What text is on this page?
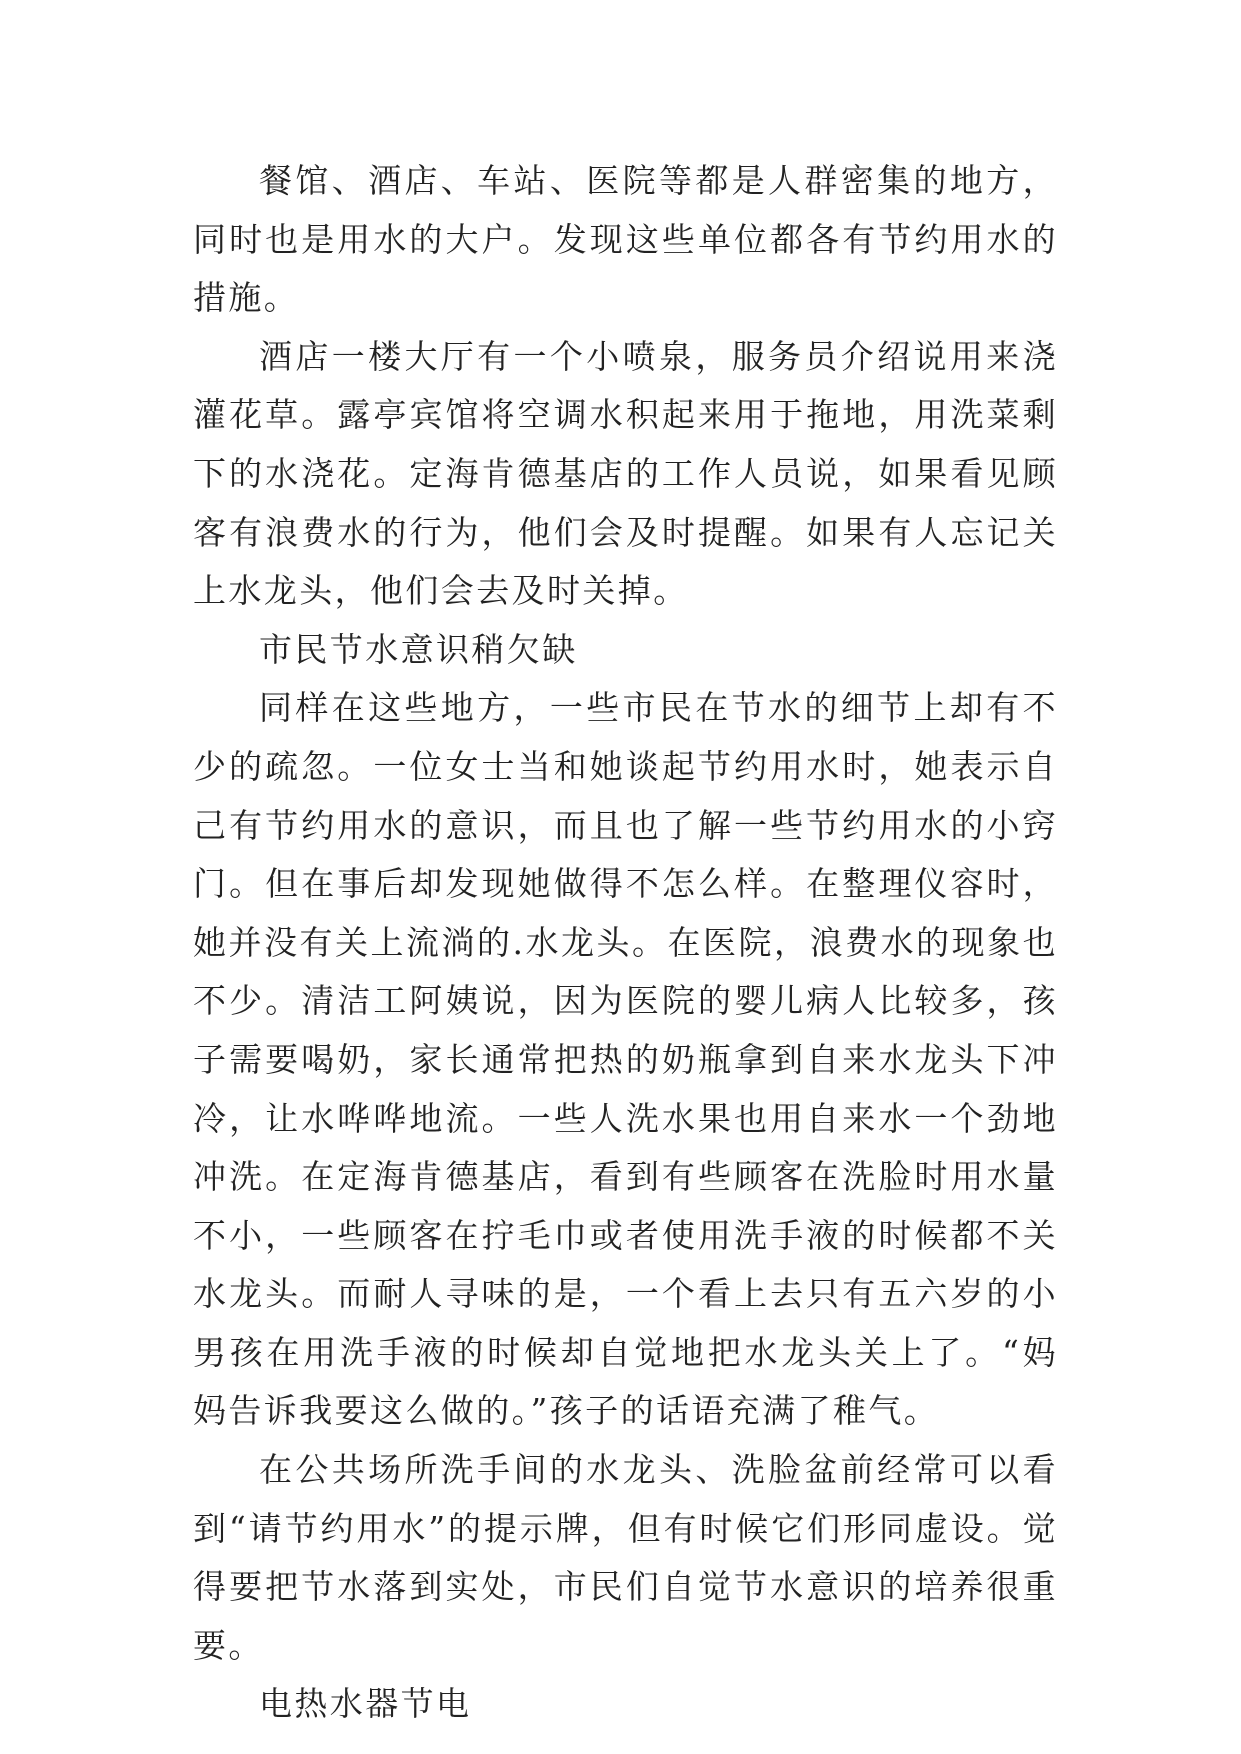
餐馆、酒店、车站、医院等都是人群密集的地方，同时也是用水的大户。发现这些单位都各有节约用水的措施。

酒店一楼大厅有一个小喷泉，服务员介绍说用来浇灌花草。露亭宾馆将空调水积起来用于拖地，用洗菜剩下的水浇花。定海肯德基店的工作人员说，如果看见顾客有浪费水的行为，他们会及时提醒。如果有人忘记关上水龙头，他们会去及时关掉。

市民节水意识稍欠缺

同样在这些地方，一些市民在节水的细节上却有不少的疏忽。一位女士当和她谈起节约用水时，她表示自己有节约用水的意识，而且也了解一些节约用水的小窍门。但在事后却发现她做得不怎么样。在整理仪容时，她并没有关上流淌的.水龙头。在医院，浪费水的现象也不少。清洁工阿姨说，因为医院的婴儿病人比较多，孩子需要喝奶，家长通常把热的奶瓶拿到自来水龙头下冲冷，让水哗哗地流。一些人洗水果也用自来水一个劲地冲洗。在定海肯德基店，看到有些顾客在洗脸时用水量不小，一些顾客在拧毛巾或者使用洗手液的时候都不关水龙头。而耐人寻味的是，一个看上去只有五六岁的小男孩在用洗手液的时候却自觉地把水龙头关上了。“妈妈告诉我要这么做的。”孩子的话语充满了稚气。

在公共场所洗手间的水龙头、洗脸盆前经常可以看到“请节约用水”的提示牌，但有时候它们形同虚设。觉得要把节水落到实处，市民们自觉节水意识的培养很重要。

电热水器节电
